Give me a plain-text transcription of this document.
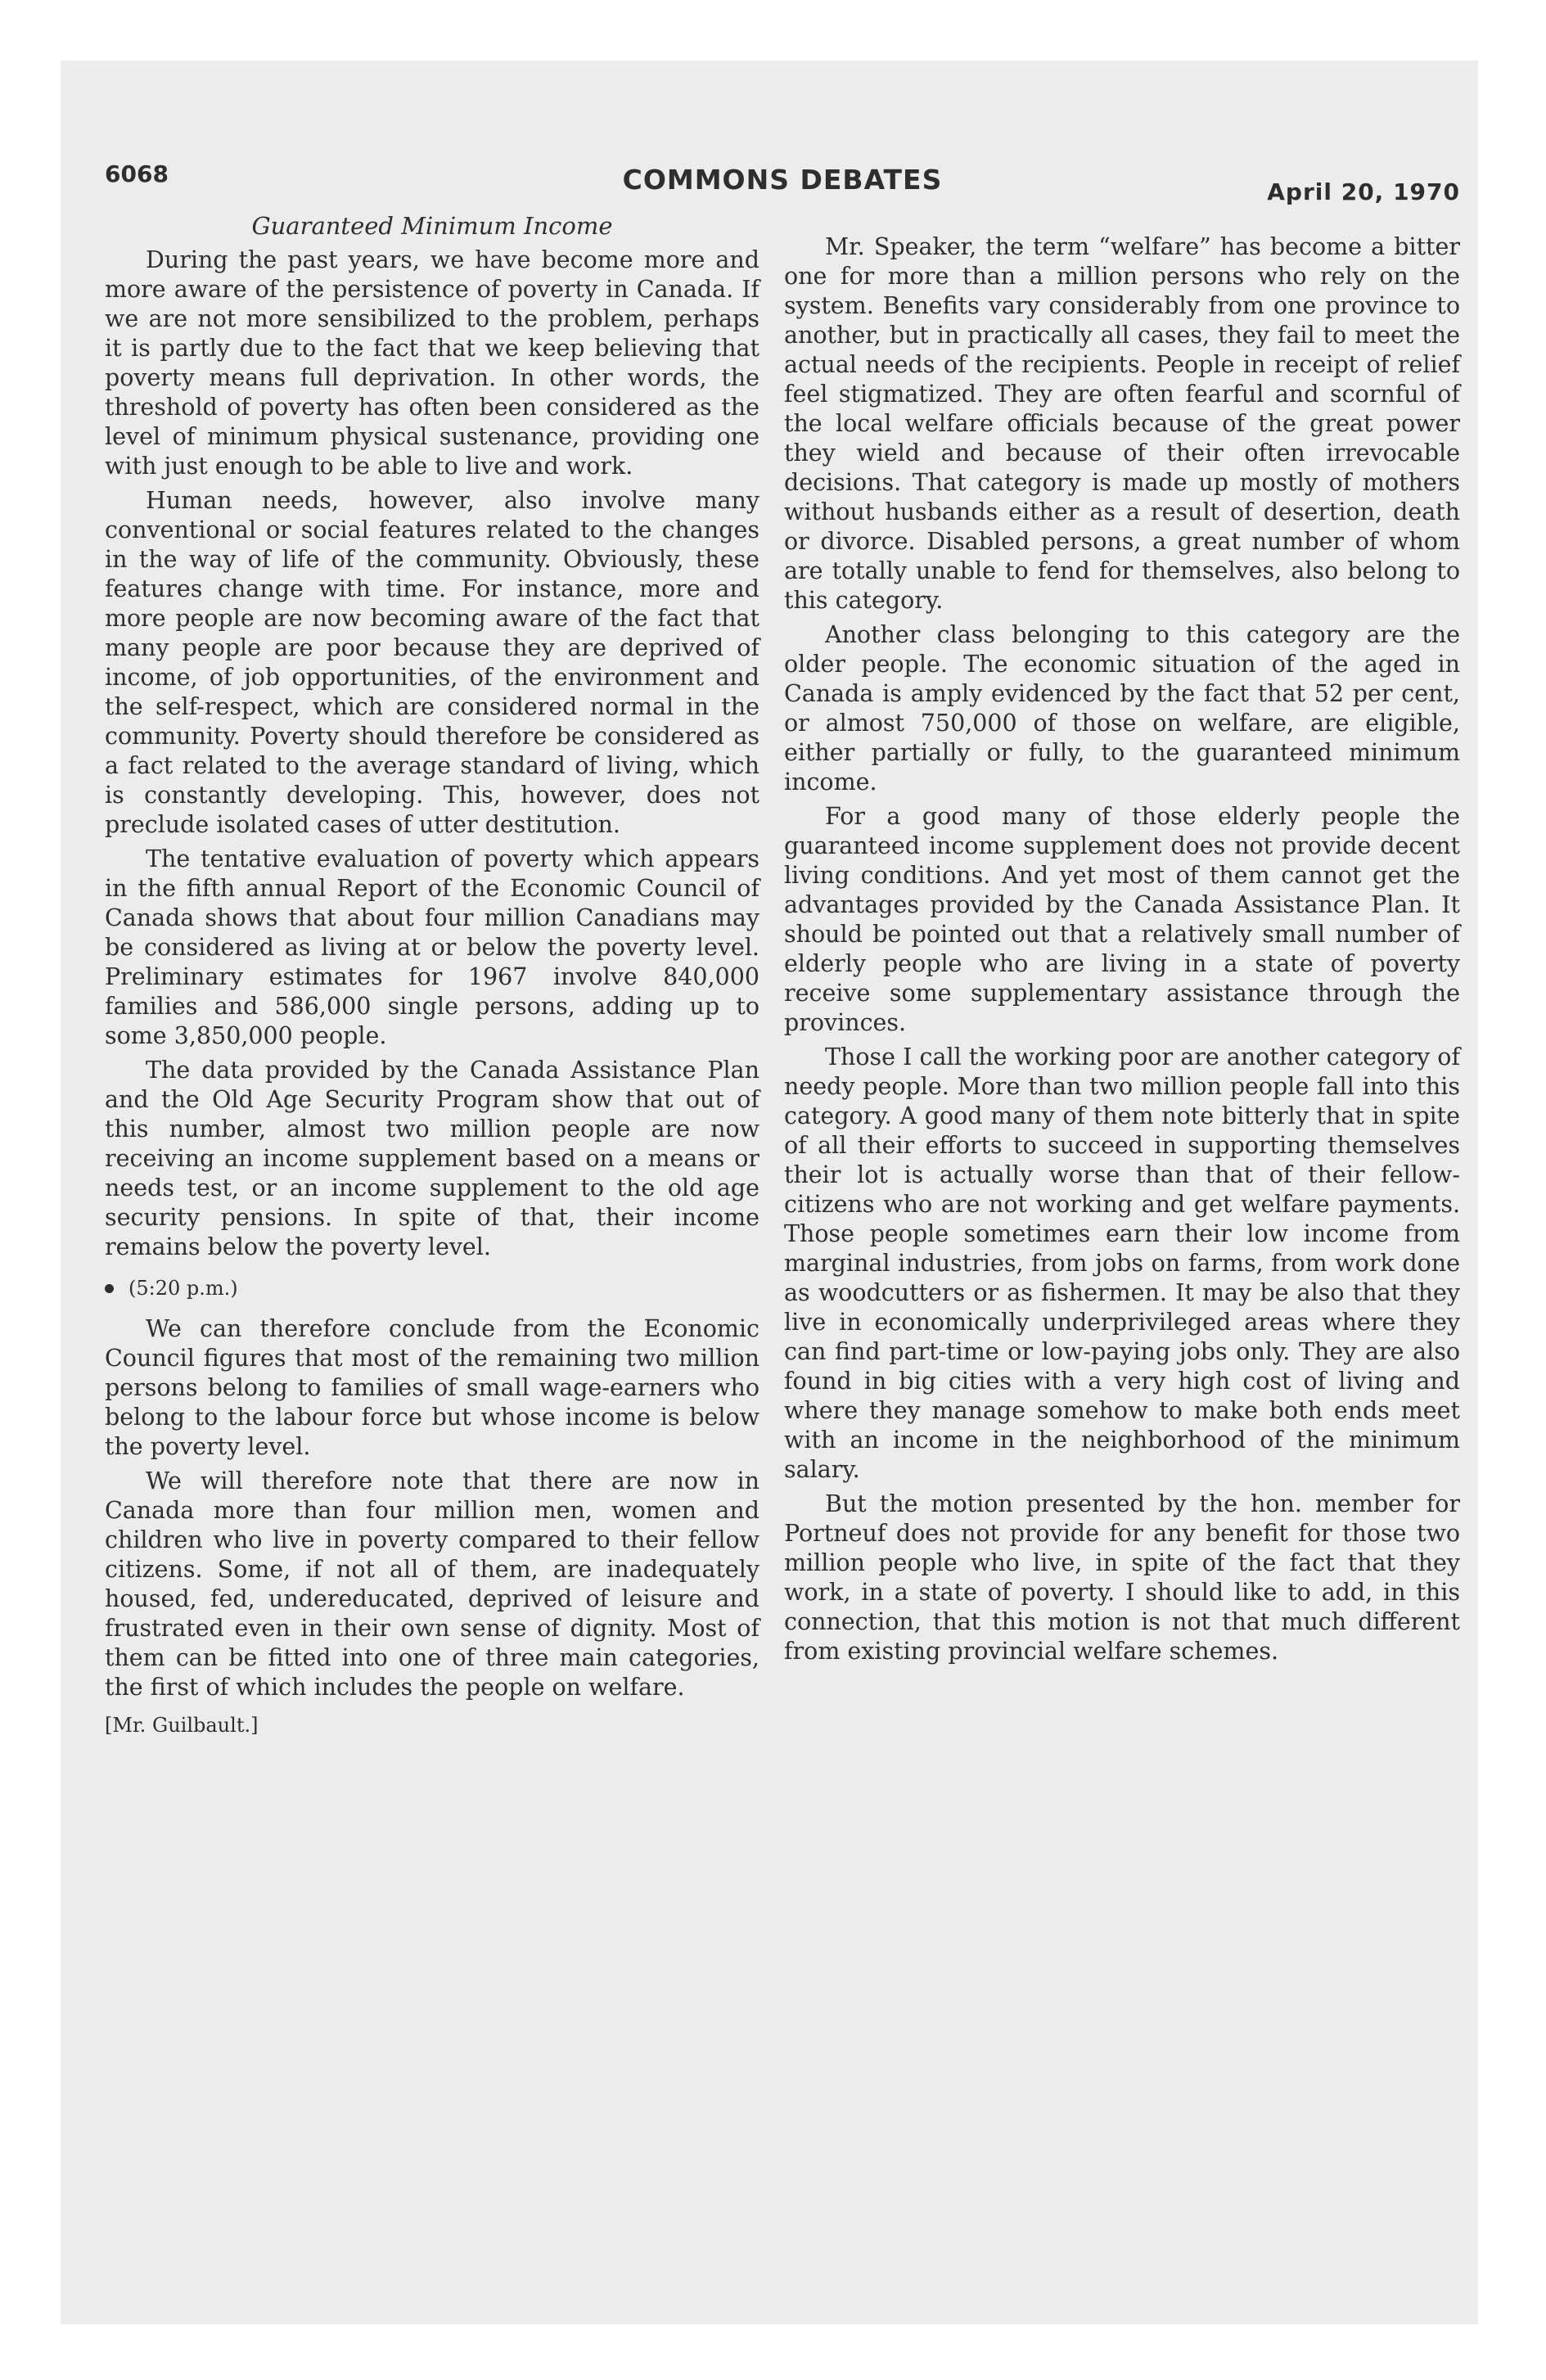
6068	COMMONS DEBATES	April 20, 1970
Guaranteed Minimum Income

During the past years, we have become more and more aware of the persistence of poverty in Canada. If we are not more sensibilized to the problem, perhaps it is partly due to the fact that we keep believing that poverty means full deprivation. In other words, the threshold of poverty has often been considered as the level of minimum physical sustenance, providing one with just enough to be able to live and work.

Human needs, however, also involve many conventional or social features related to the changes in the way of life of the community. Obviously, these features change with time. For instance, more and more people are now becoming aware of the fact that many people are poor because they are deprived of income, of job opportunities, of the environment and the self-respect, which are considered normal in the community. Poverty should therefore be considered as a fact related to the average standard of living, which is constantly developing. This, however, does not preclude isolated cases of utter destitution.

The tentative evaluation of poverty which appears in the fifth annual Report of the Economic Council of Canada shows that about four million Canadians may be considered as living at or below the poverty level. Preliminary estimates for 1967 involve 840,000 families and 586,000 single persons, adding up to some 3,850,000 people.

The data provided by the Canada Assistance Plan and the Old Age Security Program show that out of this number, almost two million people are now receiving an income supplement based on a means or needs test, or an income supplement to the old age security pensions. In spite of that, their income remains below the poverty level.

(5:20 p.m.)

We can therefore conclude from the Economic Council figures that most of the remaining two million persons belong to families of small wage-earners who belong to the labour force but whose income is below the poverty level.

We will therefore note that there are now in Canada more than four million men, women and children who live in poverty compared to their fellow citizens. Some, if not all of them, are inadequately housed, fed, undereducated, deprived of leisure and frustrated even in their own sense of dignity. Most of them can be fitted into one of three main categories, the first of which includes the people on welfare.

[Mr. Guilbault.]

Mr. Speaker, the term “welfare” has become a bitter one for more than a million persons who rely on the system. Benefits vary considerably from one province to another, but in practically all cases, they fail to meet the actual needs of the recipients. People in receipt of relief feel stigmatized. They are often fearful and scornful of the local welfare officials because of the great power they wield and because of their often irrevocable decisions. That category is made up mostly of mothers without husbands either as a result of desertion, death or divorce. Disabled persons, a great number of whom are totally unable to fend for themselves, also belong to this category.

Another class belonging to this category are the older people. The economic situation of the aged in Canada is amply evidenced by the fact that 52 per cent, or almost 750,000 of those on welfare, are eligible, either partially or fully, to the guaranteed minimum income.

For a good many of those elderly people the guaranteed income supplement does not provide decent living conditions. And yet most of them cannot get the advantages provided by the Canada Assistance Plan. It should be pointed out that a relatively small number of elderly people who are living in a state of poverty receive some supplementary assistance through the provinces.

Those I call the working poor are another category of needy people. More than two million people fall into this category. A good many of them note bitterly that in spite of all their efforts to succeed in supporting themselves their lot is actually worse than that of their fellow-citizens who are not working and get welfare payments. Those people sometimes earn their low income from marginal industries, from jobs on farms, from work done as woodcutters or as fishermen. It may be also that they live in economically underprivileged areas where they can find part-time or low-paying jobs only. They are also found in big cities with a very high cost of living and where they manage somehow to make both ends meet with an income in the neighborhood of the minimum salary.

But the motion presented by the hon. member for Portneuf does not provide for any benefit for those two million people who live, in spite of the fact that they work, in a state of poverty. I should like to add, in this connection, that this motion is not that much different from existing provincial welfare schemes.
